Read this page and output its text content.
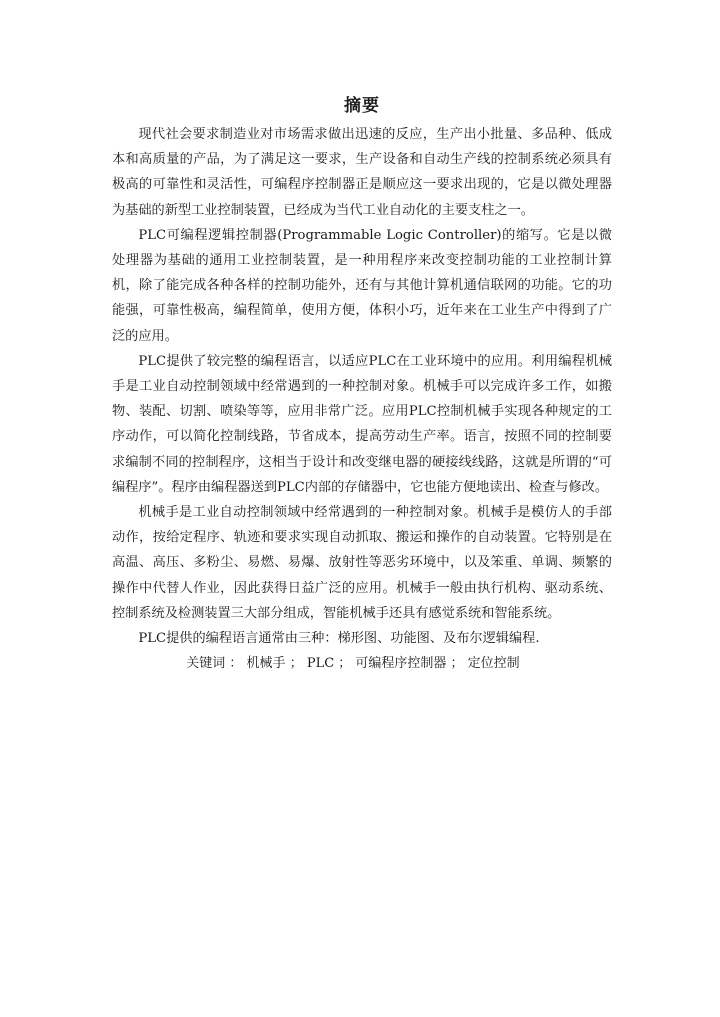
摘要

现代社会要求制造业对市场需求做出迅速的反应，生产出小批量、多品种、低成本和高质量的产品，为了满足这一要求，生产设备和自动生产线的控制系统必须具有极高的可靠性和灵活性，可编程序控制器正是顺应这一要求出现的，它是以微处理器为基础的新型工业控制装置，已经成为当代工业自动化的主要支柱之一。

PLC可编程逻辑控制器(Programmable Logic Controller)的缩写。它是以微处理器为基础的通用工业控制装置，是一种用程序来改变控制功能的工业控制计算机，除了能完成各种各样的控制功能外，还有与其他计算机通信联网的功能。它的功能强，可靠性极高，编程简单，使用方便，体积小巧，近年来在工业生产中得到了广泛的应用。

PLC提供了较完整的编程语言，以适应PLC在工业环境中的应用。利用编程机械手是工业自动控制领域中经常遇到的一种控制对象。机械手可以完成许多工作，如搬物、装配、切割、喷染等等，应用非常广泛。应用PLC控制机械手实现各种规定的工序动作，可以简化控制线路，节省成本，提高劳动生产率。语言，按照不同的控制要求编制不同的控制程序，这相当于设计和改变继电器的硬接线线路，这就是所谓的“可编程序”。程序由编程器送到PLC内部的存储器中，它也能方便地读出、检查与修改。

机械手是工业自动控制领域中经常遇到的一种控制对象。机械手是模仿人的手部动作，按给定程序、轨迹和要求实现自动抓取、搬运和操作的自动装置。它特别是在高温、高压、多粉尘、易燃、易爆、放射性等恶劣环境中，以及笨重、单调、频繁的操作中代替人作业，因此获得日益广泛的应用。机械手一般由执行机构、驱动系统、控制系统及检测装置三大部分组成，智能机械手还具有感觉系统和智能系统。

PLC提供的编程语言通常由三种：梯形图、功能图、及布尔逻辑编程.

关键词 ： 机械手 ； PLC ； 可编程序控制器 ； 定位控制
